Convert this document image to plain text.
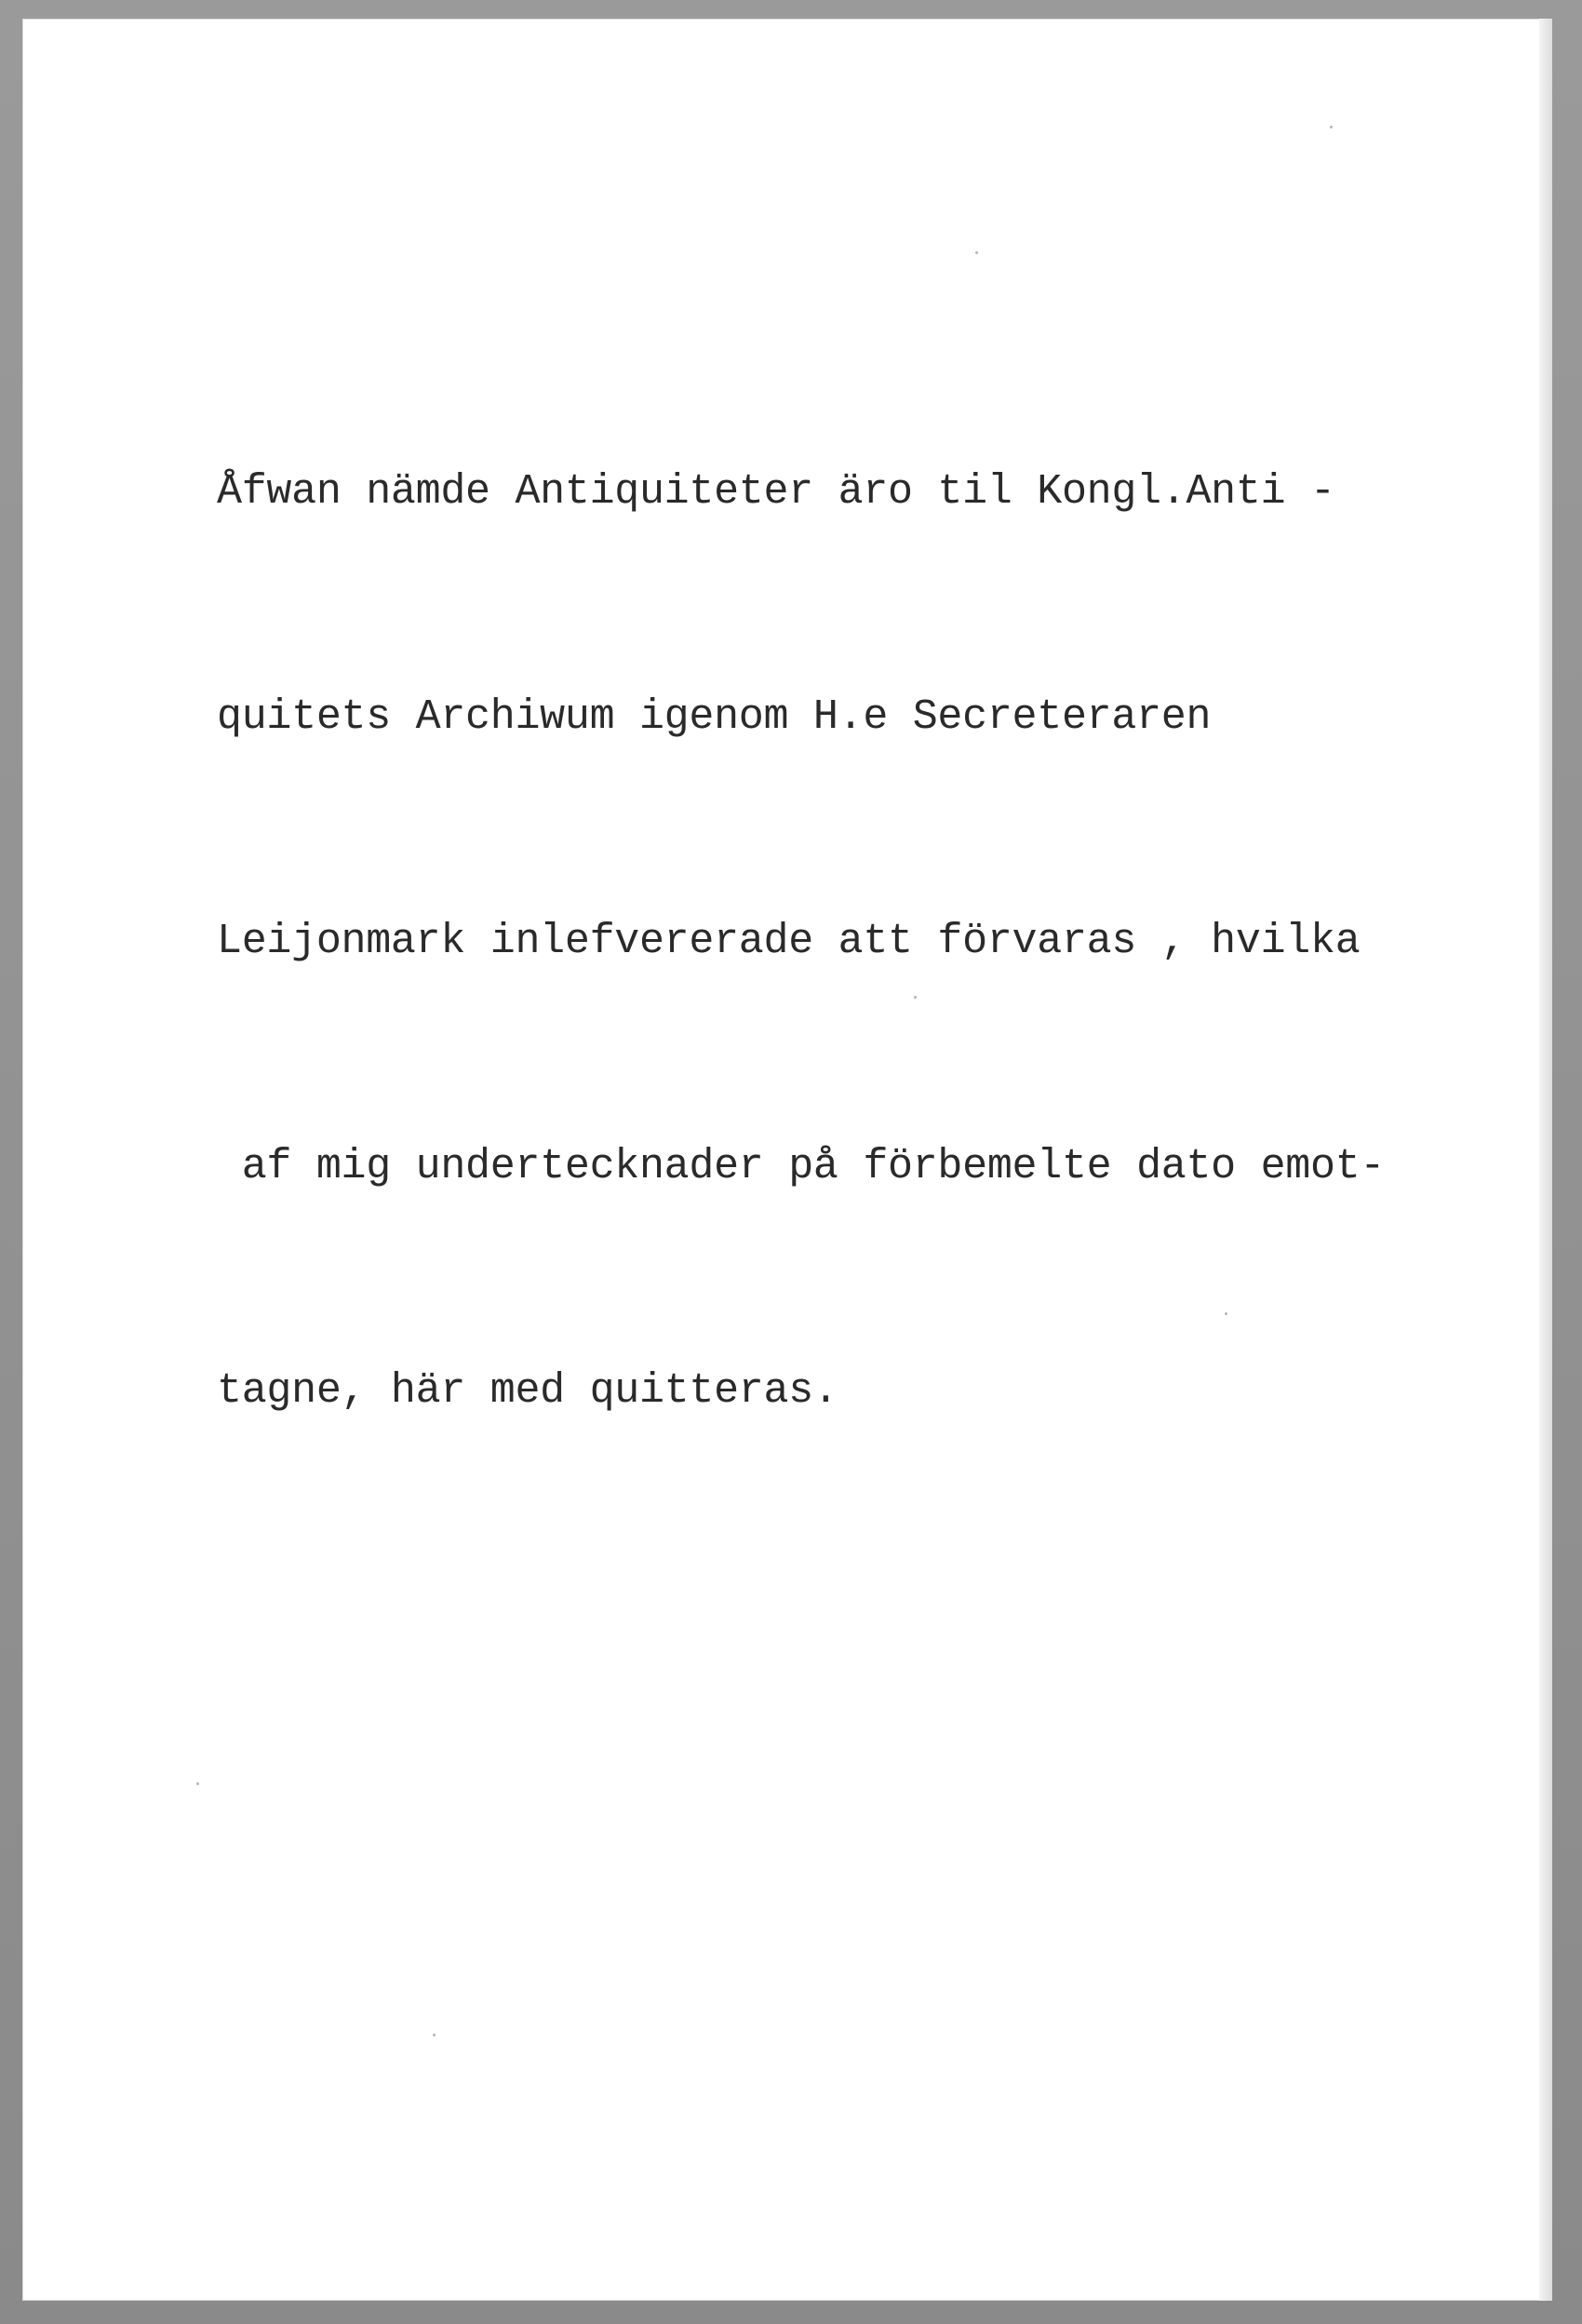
Åfwan nämde Antiquiteter äro til Kongl.Anti -

quitets Archiwum igenom H.e Secreteraren

Leijonmark inlefvererade att förvaras , hvilka

af mig undertecknader på förbemelte dato emot-

tagne, här med quitteras.
